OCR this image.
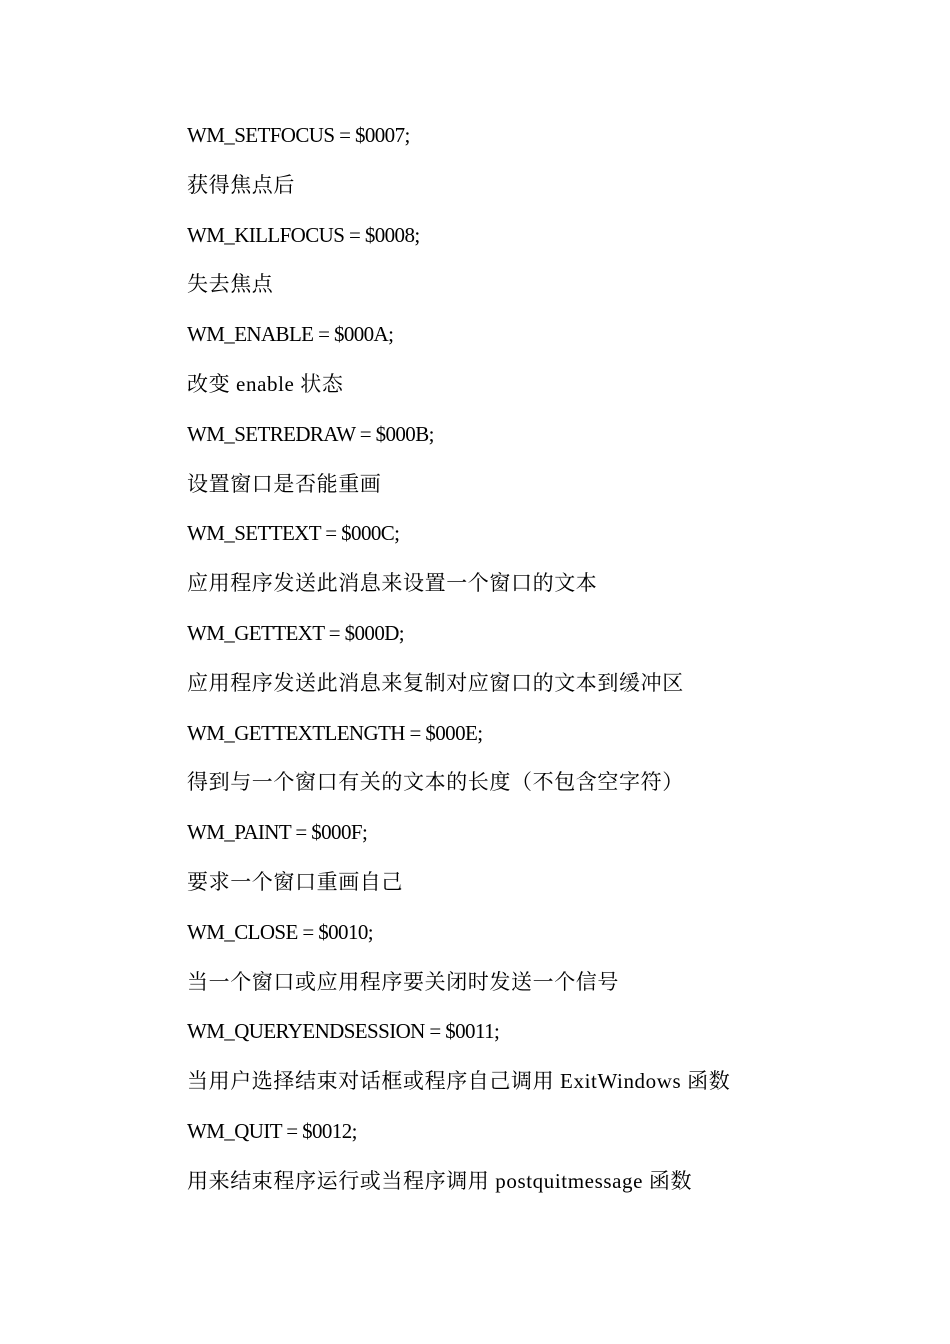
WM_SETFOCUS = $0007;
获得焦点后
WM_KILLFOCUS = $0008;
失去焦点
WM_ENABLE = $000A;
改变 enable 状态
WM_SETREDRAW = $000B;
设置窗口是否能重画
WM_SETTEXT = $000C;
应用程序发送此消息来设置一个窗口的文本
WM_GETTEXT = $000D;
应用程序发送此消息来复制对应窗口的文本到缓冲区
WM_GETTEXTLENGTH = $000E;
得到与一个窗口有关的文本的长度（不包含空字符）
WM_PAINT = $000F;
要求一个窗口重画自己
WM_CLOSE = $0010;
当一个窗口或应用程序要关闭时发送一个信号
WM_QUERYENDSESSION = $0011;
当用户选择结束对话框或程序自己调用 ExitWindows 函数
WM_QUIT = $0012;
用来结束程序运行或当程序调用 postquitmessage 函数
